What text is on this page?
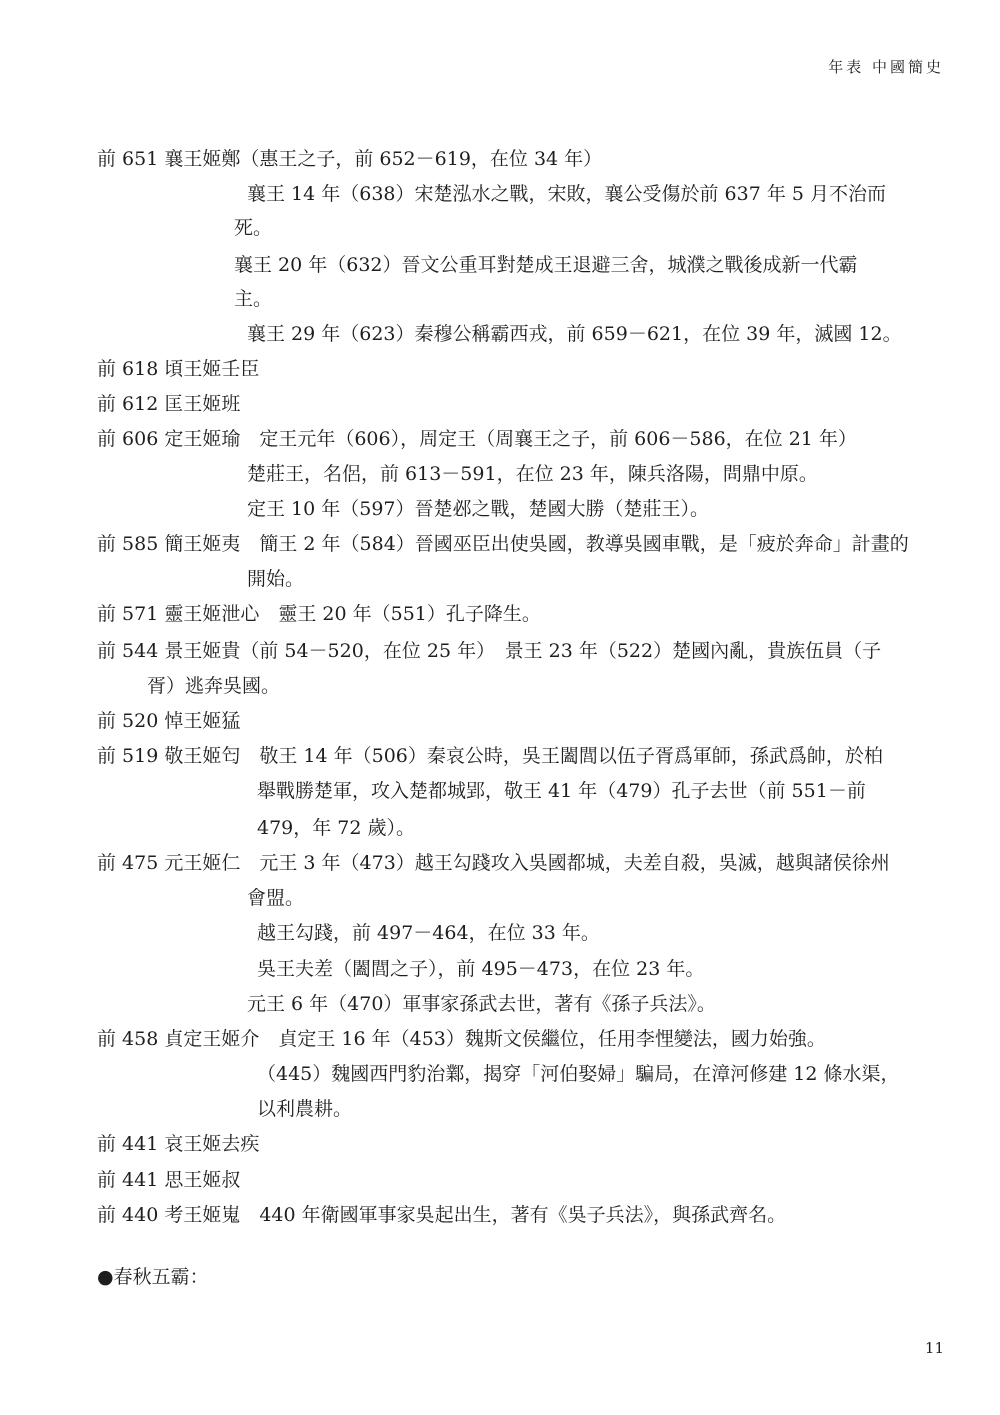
年表 中國簡史
前 651 襄王姬鄭（惠王之子，前 652－619，在位 34 年）
襄王 14 年（638）宋楚泓水之戰，宋敗，襄公受傷於前 637 年 5 月不治而
死。
襄王 20 年（632）晉文公重耳對楚成王退避三舍，城濮之戰後成新一代霸
主。
襄王 29 年（623）秦穆公稱霸西戎，前 659－621，在位 39 年，滅國 12。
前 618 頃王姬壬臣
前 612 匡王姬班
前 606 定王姬瑜　定王元年（606），周定王（周襄王之子，前 606－586，在位 21 年）
楚莊王，名侶，前 613－591，在位 23 年，陳兵洛陽，問鼎中原。
定王 10 年（597）晉楚邲之戰，楚國大勝（楚莊王）。
前 585 簡王姬夷　簡王 2 年（584）晉國巫臣出使吳國，教導吳國車戰，是「疲於奔命」計畫的
開始。
前 571 靈王姬泄心　靈王 20 年（551）孔子降生。
前 544 景王姬貴（前 54－520，在位 25 年）　景王 23 年（522）楚國內亂，貴族伍員（子
胥）逃奔吳國。
前 520 悼王姬猛
前 519 敬王姬匄　敬王 14 年（506）秦哀公時，吳王闔閭以伍子胥爲軍師，孫武爲帥，於柏
舉戰勝楚軍，攻入楚都城郢，敬王 41 年（479）孔子去世（前 551－前
479，年 72 歲）。
前 475 元王姬仁　元王 3 年（473）越王勾踐攻入吳國都城，夫差自殺，吳滅，越與諸侯徐州
會盟。
越王勾踐，前 497－464，在位 33 年。
吳王夫差（闔閭之子），前 495－473，在位 23 年。
元王 6 年（470）軍事家孫武去世，著有《孫子兵法》。
前 458 貞定王姬介　貞定王 16 年（453）魏斯文侯繼位，任用李悝變法，國力始強。
（445）魏國西門豹治鄴，揭穿「河伯娶婦」騙局，在漳河修建 12 條水渠，
以利農耕。
前 441 哀王姬去疾
前 441 思王姬叔
前 440 考王姬嵬　440 年衛國軍事家吳起出生，著有《吳子兵法》，與孫武齊名。
●春秋五霸：
11
